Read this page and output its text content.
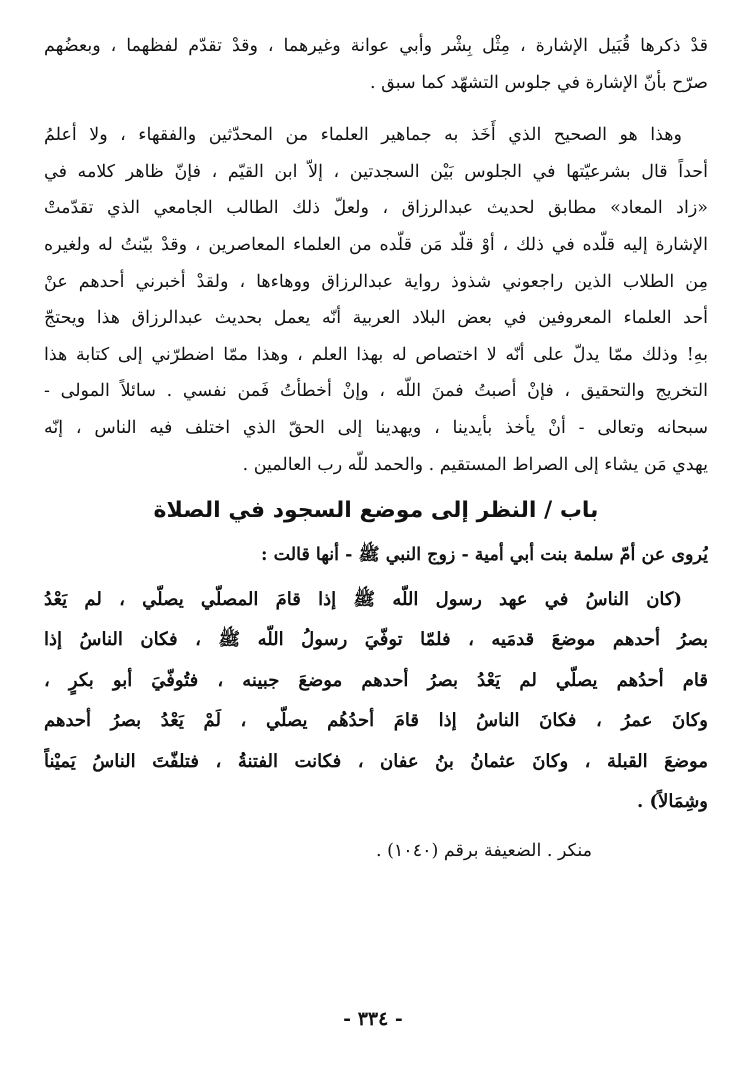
قدْ ذكرها قُبَيل الإشارة ، مِثْل بِشْر وأبي عوانة وغيرهما ، وقدْ تقدّم لفظهما ، وبعضُهم
صرّح بأنّ الإشارة في جلوس التشهّد كما سبق .
وهذا هو الصحيح الذي أَخَذ به جماهير العلماء من المحدّثين والفقهاء ، ولا أعلمُ
أحداً قال بشرعيّتها في الجلوس بَيْن السجدتين ، إلاّ ابن القيّم ، فإنّ ظاهر كلامه في
«زاد المعاد» مطابق لحديث عبدالرزاق ، ولعلّ ذلك الطالب الجامعي الذي تقدّمتْ
الإشارة إليه قلّده في ذلك ، أوْ قلّد مَن قلّده من العلماء المعاصرين ، وقدْ بيّنتُ له ولغيره
مِن الطلاب الذين راجعوني شذوذ رواية عبدالرزاق ووهاءها ، ولقدْ أخبرني أحدهم عنْ
أحد العلماء المعروفين في بعض البلاد العربية أنّه يعمل بحديث عبدالرزاق هذا ويحتجّ
بهِ! وذلك ممّا يدلّ على أنّه لا اختصاص له بهذا العلم ، وهذا ممّا اضطرّني إلى كتابة هذا
التخريج والتحقيق ، فإنْ أصبتُ فمنَ اللّه ، وإنْ أخطأتُ فَمن نفسي . سائلاً المولى -
سبحانه وتعالى - أنْ يأخذ بأيدينا ، ويهدينا إلى الحقّ الذي اختلف فيه الناس ، إنّه
يهدي مَن يشاء إلى الصراط المستقيم . والحمد للّه رب العالمين .
باب / النظر إلى موضع السجود في الصلاة
يُروى عن أمّ سلمة بنت أبي أمية - زوج النبي ﷺ - أنها قالت :
(كان الناسُ في عهد رسول اللّه ﷺ إذا قامَ المصلّي يصلّي ، لم يَعْدُ
بصرُ أحدهم موضعَ قدمَيه ، فلمّا توفّيَ رسولُ اللّه ﷺ ، فكان الناسُ إذا
قام أحدُهم يصلّي لم يَعْدُ بصرُ أحدهم موضعَ جبينه ، فتُوفّيَ أبو بكرٍ ،
وكانَ عمرُ ، فكانَ الناسُ إذا قامَ أحدُهُم يصلّي ، لَمْ يَعْدُ بصرُ أحدهم
موضعَ القبلة ، وكانَ عثمانُ بنُ عفان ، فكانت الفتنةُ ، فتلفّتَ الناسُ يَميْناً
وشِمَالاً) .
منكر . الضعيفة برقم (١٠٤٠) .
- ٣٣٤ -
